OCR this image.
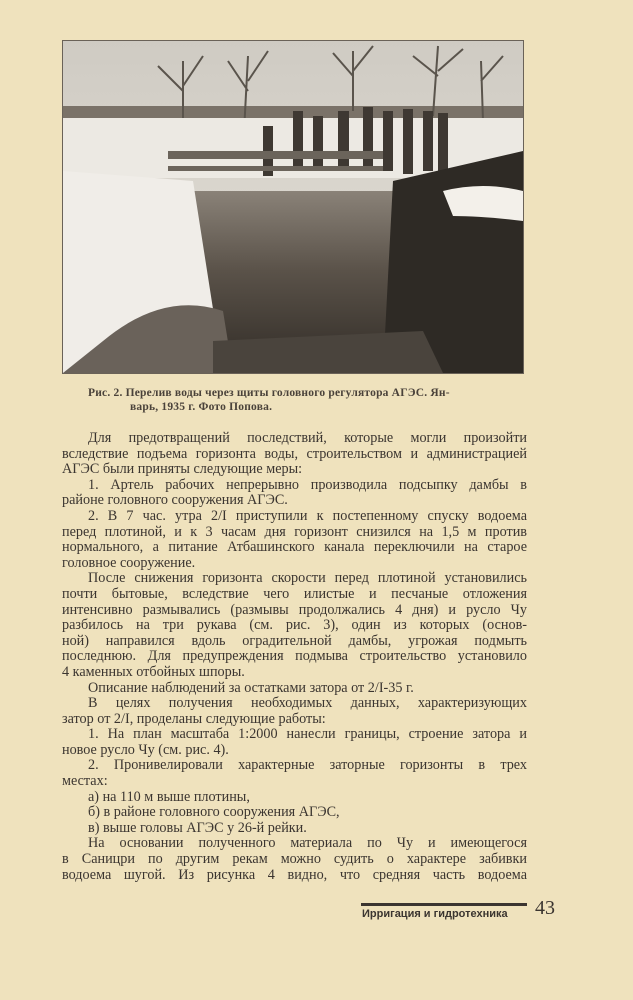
Рис. 2. Перелив воды через щиты головного регулятора АГЭС. Ян-
варь, 1935 г. Фото Попова.
Для предотвращений последствий, которые могли произойти
вследствие подъема горизонта воды, строительством и администрацией
АГЭС были приняты следующие меры:
1. Артель рабочих непрерывно производила подсыпку дамбы в
районе головного сооружения АГЭС.
2. В 7 час. утра 2/I приступили к постепенному спуску водоема
перед плотиной, и к 3 часам дня горизонт снизился на 1,5 м против
нормального, а питание Атбашинского канала переключили на старое
головное сооружение.
После снижения горизонта скорости перед плотиной установились
почти бытовые, вследствие чего илистые и песчаные отложения
интенсивно размывались (размывы продолжались 4 дня) и русло Чу
разбилось на три рукава (см. рис. 3), один из которых (основ-
ной) направился вдоль оградительной дамбы, угрожая подмыть
последнюю. Для предупреждения подмыва строительство установило
4 каменных отбойных шпоры.
Описание наблюдений за остатками затора от 2/I-35 г.
В целях получения необходимых данных, характеризующих
затор от 2/I, проделаны следующие работы:
1. На план масштаба 1:2000 нанесли границы, строение затора и
новое русло Чу (см. рис. 4).
2. Пронивелировали характерные заторные горизонты в трех
местах:
а) на 110 м выше плотины,
б) в районе головного сооружения АГЭС,
в) выше головы АГЭС у 26-й рейки.
На основании полученного материала по Чу и имеющегося
в Саницри по другим рекам можно судить о характере забивки
водоема шугой. Из рисунка 4 видно, что средняя часть водоема
Ирригация и гидротехника 43
